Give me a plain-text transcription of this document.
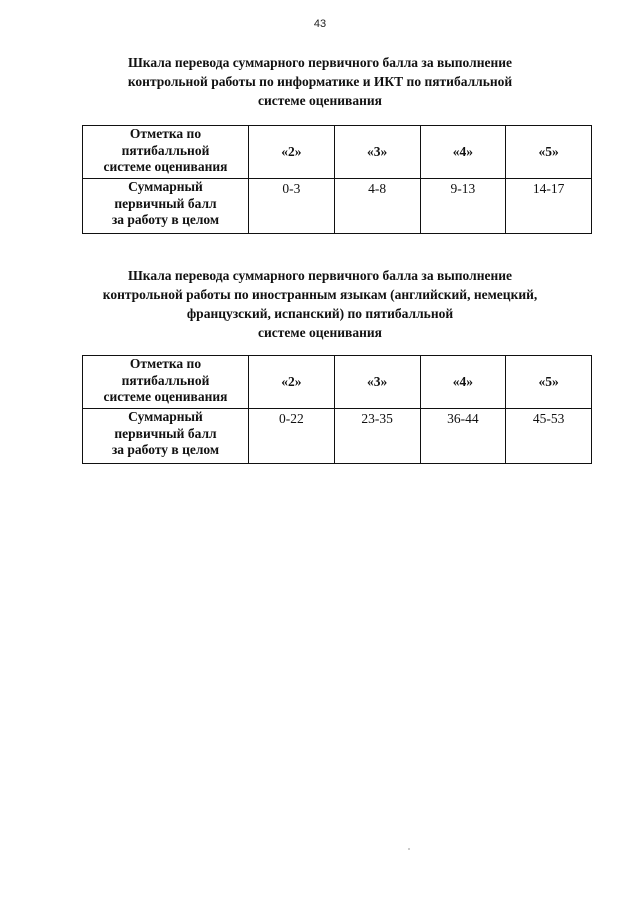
43
Шкала перевода суммарного первичного балла за выполнение
контрольной работы по информатике и ИКТ по пятибалльной
системе оценивания
Отметка по
пятибалльной
системе оценивания	«2»	«3»	«4»	«5»

Суммарный
первичный балл
за работу в целом	0-3	4-8	9-13	14-17
Шкала перевода суммарного первичного балла за выполнение
контрольной работы по иностранным языкам (английский, немецкий,
французский, испанский) по пятибалльной
системе оценивания
Отметка по
пятибалльной
системе оценивания	«2»	«3»	«4»	«5»

Суммарный
первичный балл
за работу в целом	0-22	23-35	36-44	45-53
